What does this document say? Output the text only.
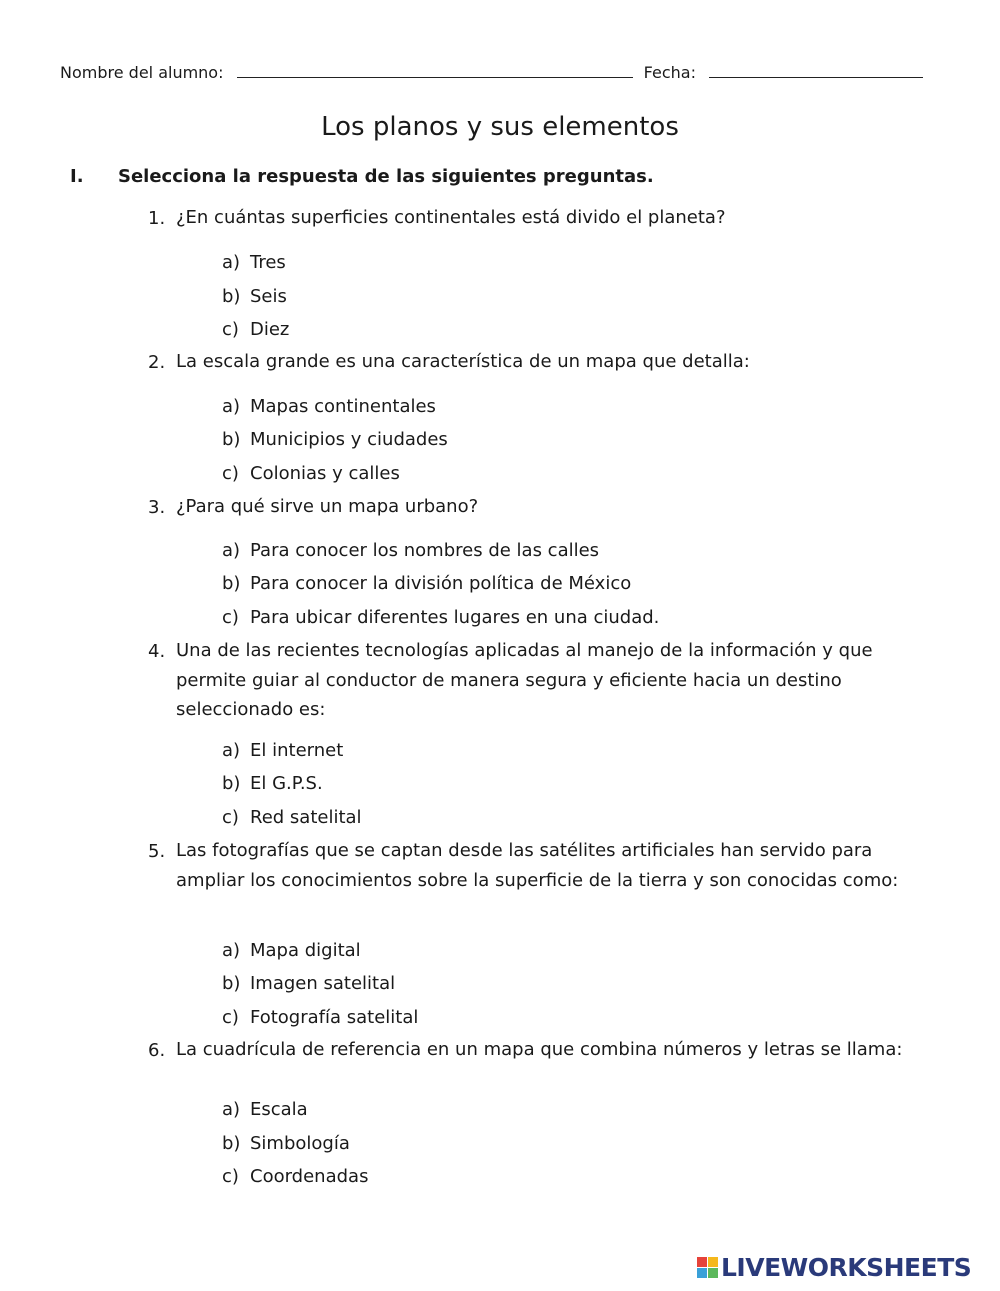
Nombre del alumno:	Fecha:
Los planos y sus elementos
I. Selecciona la respuesta de las siguientes preguntas.
1. ¿En cuántas superficies continentales está divido el planeta?
a) Tres
b) Seis
c) Diez
2. La escala grande es una característica de un mapa que detalla:
a) Mapas continentales
b) Municipios y ciudades
c) Colonias y calles
3. ¿Para qué sirve un mapa urbano?
a) Para conocer los nombres de las calles
b) Para conocer la división política de México
c) Para ubicar diferentes lugares en una ciudad.
4. Una de las recientes tecnologías aplicadas al manejo de la información y que permite guiar al conductor de manera segura y eficiente hacia un destino seleccionado es:
a) El internet
b) El G.P.S.
c) Red satelital
5. Las fotografías que se captan desde las satélites artificiales han servido para ampliar los conocimientos sobre la superficie de la tierra y son conocidas como:
a) Mapa digital
b) Imagen satelital
c) Fotografía satelital
6. La cuadrícula de referencia en un mapa que combina números y letras se llama:
a) Escala
b) Simbología
c) Coordenadas
LIVEWORKSHEETS
